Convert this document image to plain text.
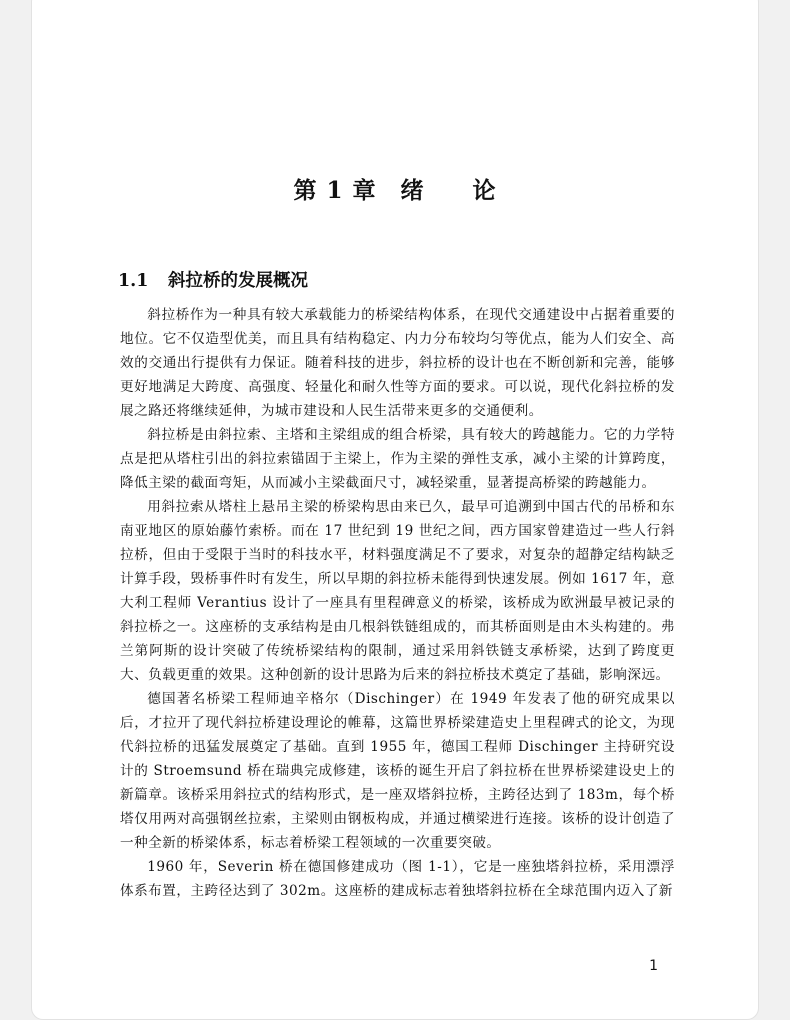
第 1 章　绪　　论
1.1 斜拉桥的发展概况

斜拉桥作为一种具有较大承载能力的桥梁结构体系，在现代交通建设中占据着重要的地位。它不仅造型优美，而且具有结构稳定、内力分布较均匀等优点，能为人们安全、高效的交通出行提供有力保证。随着科技的进步，斜拉桥的设计也在不断创新和完善，能够更好地满足大跨度、高强度、轻量化和耐久性等方面的要求。可以说，现代化斜拉桥的发展之路还将继续延伸，为城市建设和人民生活带来更多的交通便利。

斜拉桥是由斜拉索、主塔和主梁组成的组合桥梁，具有较大的跨越能力。它的力学特点是把从塔柱引出的斜拉索锚固于主梁上，作为主梁的弹性支承，减小主梁的计算跨度，降低主梁的截面弯矩，从而减小主梁截面尺寸，减轻梁重，显著提高桥梁的跨越能力。

用斜拉索从塔柱上悬吊主梁的桥梁构思由来已久，最早可追溯到中国古代的吊桥和东南亚地区的原始藤竹索桥。而在 17 世纪到 19 世纪之间，西方国家曾建造过一些人行斜拉桥，但由于受限于当时的科技水平，材料强度满足不了要求，对复杂的超静定结构缺乏计算手段，毁桥事件时有发生，所以早期的斜拉桥未能得到快速发展。例如 1617 年，意大利工程师 Verantius 设计了一座具有里程碑意义的桥梁，该桥成为欧洲最早被记录的斜拉桥之一。这座桥的支承结构是由几根斜铁链组成的，而其桥面则是由木头构建的。弗兰第阿斯的设计突破了传统桥梁结构的限制，通过采用斜铁链支承桥梁，达到了跨度更大、负载更重的效果。这种创新的设计思路为后来的斜拉桥技术奠定了基础，影响深远。

德国著名桥梁工程师迪辛格尔（Dischinger）在 1949 年发表了他的研究成果以后，才拉开了现代斜拉桥建设理论的帷幕，这篇世界桥梁建造史上里程碑式的论文，为现代斜拉桥的迅猛发展奠定了基础。直到 1955 年，德国工程师 Dischinger 主持研究设计的 Stroemsund 桥在瑞典完成修建，该桥的诞生开启了斜拉桥在世界桥梁建设史上的新篇章。该桥采用斜拉式的结构形式，是一座双塔斜拉桥，主跨径达到了 183m，每个桥塔仅用两对高强钢丝拉索，主梁则由钢板构成，并通过横梁进行连接。该桥的设计创造了一种全新的桥梁体系，标志着桥梁工程领域的一次重要突破。

1960 年，Severin 桥在德国修建成功（图 1-1），它是一座独塔斜拉桥，采用漂浮体系布置，主跨径达到了 302m。这座桥的建成标志着独塔斜拉桥在全球范围内迈入了新

1
